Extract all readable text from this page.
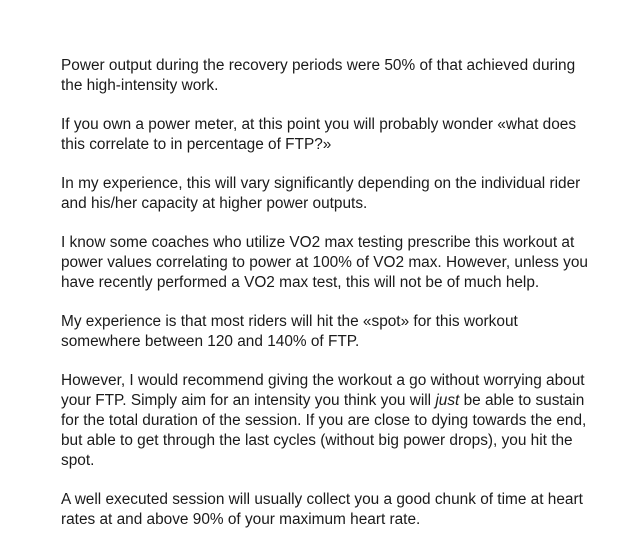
Power output during the recovery periods were 50% of that achieved during the high-intensity work.

If you own a power meter, at this point you will probably wonder «what does this correlate to in percentage of FTP?»

In my experience, this will vary significantly depending on the individual rider and his/her capacity at higher power outputs.

I know some coaches who utilize VO2 max testing prescribe this workout at power values correlating to power at 100% of VO2 max. However, unless you have recently performed a VO2 max test, this will not be of much help.

My experience is that most riders will hit the «spot» for this workout somewhere between 120 and 140% of FTP.

However, I would recommend giving the workout a go without worrying about your FTP. Simply aim for an intensity you think you will just be able to sustain for the total duration of the session. If you are close to dying towards the end, but able to get through the last cycles (without big power drops), you hit the spot.

A well executed session will usually collect you a good chunk of time at heart rates at and above 90% of your maximum heart rate.
